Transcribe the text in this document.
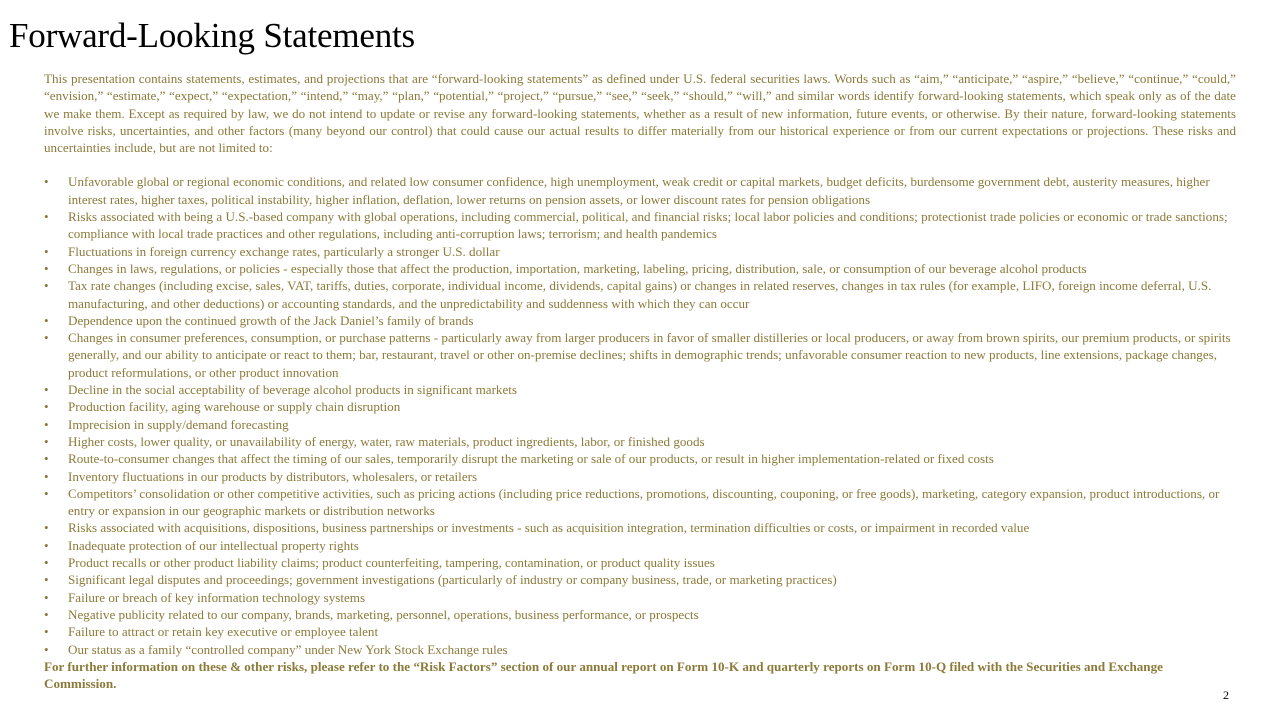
Forward-Looking Statements

This presentation contains statements, estimates, and projections that are “forward-looking statements” as defined under U.S. federal securities laws. Words such as “aim,” “anticipate,” “aspire,” “believe,” “continue,” “could,” “envision,” “estimate,” “expect,” “expectation,” “intend,” “may,” “plan,” “potential,” “project,” “pursue,” “see,” “seek,” “should,” “will,” and similar words identify forward-looking statements, which speak only as of the date we make them. Except as required by law, we do not intend to update or revise any forward-looking statements, whether as a result of new information, future events, or otherwise. By their nature, forward-looking statements involve risks, uncertainties, and other factors (many beyond our control) that could cause our actual results to differ materially from our historical experience or from our current expectations or projections. These risks and uncertainties include, but are not limited to:

•	Unfavorable global or regional economic conditions, and related low consumer confidence, high unemployment, weak credit or capital markets, budget deficits, burdensome government debt, austerity measures, higher interest rates, higher taxes, political instability, higher inflation, deflation, lower returns on pension assets, or lower discount rates for pension obligations
•	Risks associated with being a U.S.-based company with global operations, including commercial, political, and financial risks; local labor policies and conditions; protectionist trade policies or economic or trade sanctions; compliance with local trade practices and other regulations, including anti-corruption laws; terrorism; and health pandemics
•	Fluctuations in foreign currency exchange rates, particularly a stronger U.S. dollar
•	Changes in laws, regulations, or policies - especially those that affect the production, importation, marketing, labeling, pricing, distribution, sale, or consumption of our beverage alcohol products
•	Tax rate changes (including excise, sales, VAT, tariffs, duties, corporate, individual income, dividends, capital gains) or changes in related reserves, changes in tax rules (for example, LIFO, foreign income deferral, U.S. manufacturing, and other deductions) or accounting standards, and the unpredictability and suddenness with which they can occur
•	Dependence upon the continued growth of the Jack Daniel’s family of brands
•	Changes in consumer preferences, consumption, or purchase patterns - particularly away from larger producers in favor of smaller distilleries or local producers, or away from brown spirits, our premium products, or spirits generally, and our ability to anticipate or react to them; bar, restaurant, travel or other on-premise declines; shifts in demographic trends; unfavorable consumer reaction to new products, line extensions, package changes, product reformulations, or other product innovation
•	Decline in the social acceptability of beverage alcohol products in significant markets
•	Production facility, aging warehouse or supply chain disruption
•	Imprecision in supply/demand forecasting
•	Higher costs, lower quality, or unavailability of energy, water, raw materials, product ingredients, labor, or finished goods
•	Route-to-consumer changes that affect the timing of our sales, temporarily disrupt the marketing or sale of our products, or result in higher implementation-related or fixed costs
•	Inventory fluctuations in our products by distributors, wholesalers, or retailers
•	Competitors’ consolidation or other competitive activities, such as pricing actions (including price reductions, promotions, discounting, couponing, or free goods), marketing, category expansion, product introductions, or entry or expansion in our geographic markets or distribution networks
•	Risks associated with acquisitions, dispositions, business partnerships or investments - such as acquisition integration, termination difficulties or costs, or impairment in recorded value
•	Inadequate protection of our intellectual property rights
•	Product recalls or other product liability claims; product counterfeiting, tampering, contamination, or product quality issues
•	Significant legal disputes and proceedings; government investigations (particularly of industry or company business, trade, or marketing practices)
•	Failure or breach of key information technology systems
•	Negative publicity related to our company, brands, marketing, personnel, operations, business performance, or prospects
•	Failure to attract or retain key executive or employee talent
•	Our status as a family “controlled company” under New York Stock Exchange rules

For further information on these & other risks, please refer to the “Risk Factors” section of our annual report on Form 10-K and quarterly reports on Form 10-Q filed with the Securities and Exchange Commission.

2
